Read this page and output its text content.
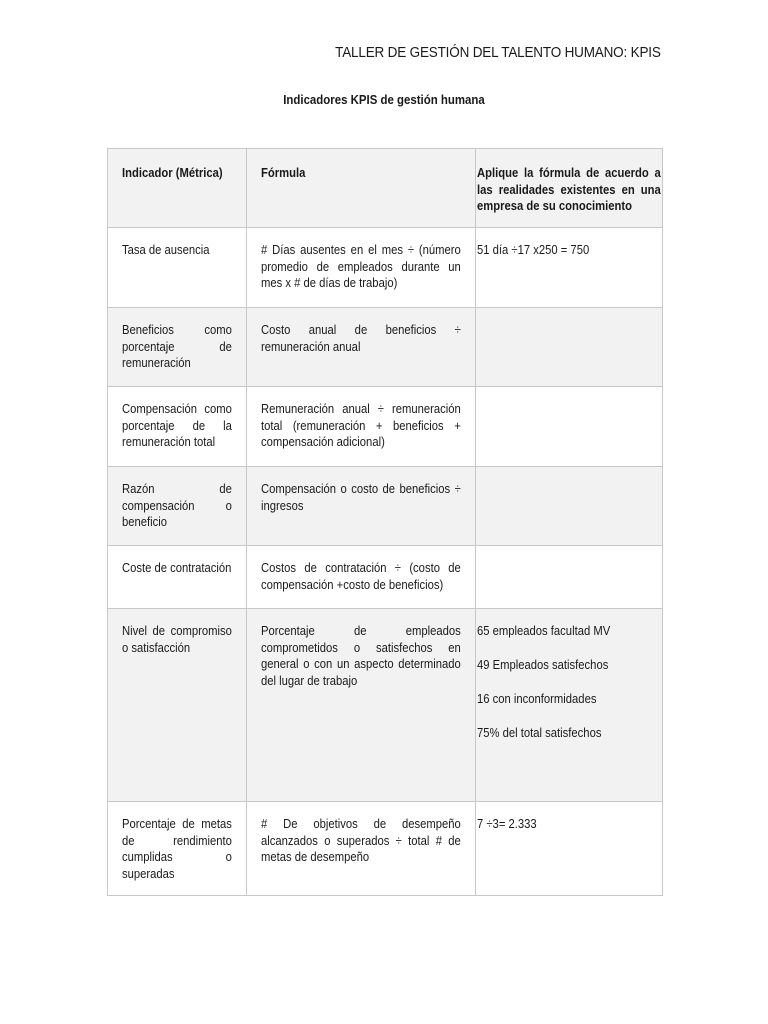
TALLER DE GESTIÓN DEL TALENTO HUMANO: KPIS
Indicadores KPIS de gestión humana
Indicador (Métrica)	Fórmula	Aplique la fórmula de acuerdo a las realidades existentes en una empresa de su conocimiento

Tasa de ausencia	# Días ausentes en el mes ÷ (número promedio de empleados durante un mes x # de días de trabajo)	51 día ÷17 x250 = 750

Beneficios como porcentaje de remuneración	Costo anual de beneficios ÷ remuneración anual	

Compensación como porcentaje de la remuneración total	Remuneración anual ÷ remuneración total (remuneración + beneficios + compensación adicional)	

Razón de compensación o beneficio	Compensación o costo de beneficios ÷ ingresos	

Coste de contratación	Costos de contratación ÷ (costo de compensación +costo de beneficios)	

Nivel de compromiso o satisfacción	Porcentaje de empleados comprometidos o satisfechos en general o con un aspecto determinado del lugar de trabajo	65 empleados facultad MV

49 Empleados satisfechos

16 con inconformidades

75% del total satisfechos

Porcentaje de metas de rendimiento cumplidas o superadas	# De objetivos de desempeño alcanzados o superados ÷ total # de metas de desempeño	7 ÷3= 2.333
